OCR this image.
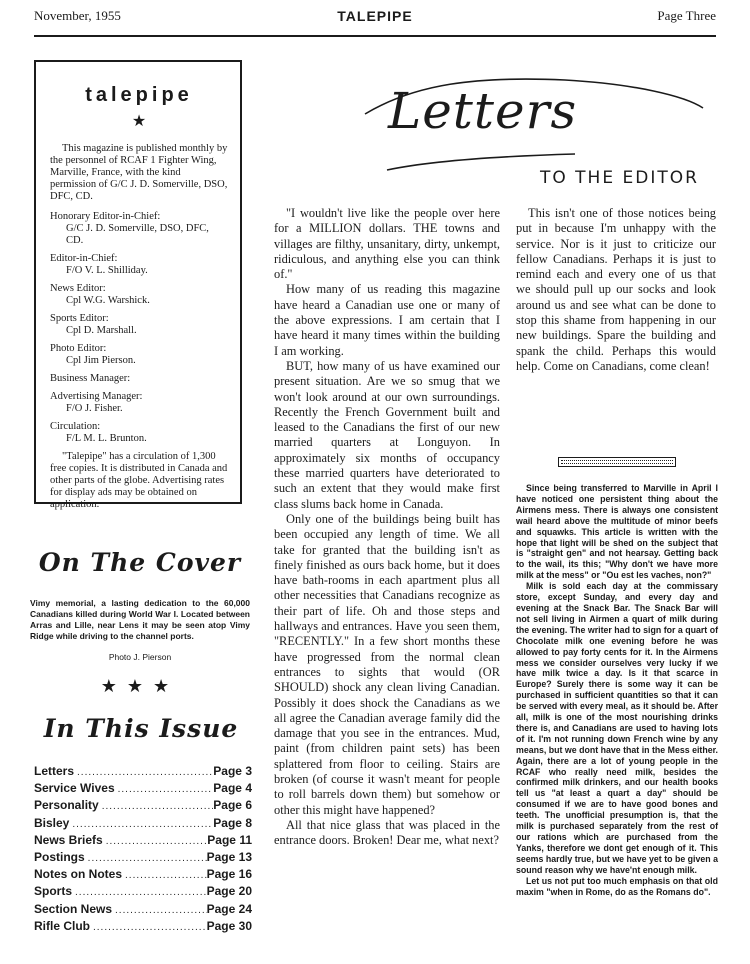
November, 1955	TALEPIPE	Page Three
talepipe
★

This magazine is published monthly by the personnel of RCAF 1 Fighter Wing, Marville, France, with the kind permission of G/C J. D. Somerville, DSO, DFC, CD.

Honorary Editor-in-Chief:
G/C J. D. Somerville, DSO, DFC, CD.

Editor-in-Chief:
F/O V. L. Shilliday.

News Editor:
Cpl W.G. Warshick.

Sports Editor:
Cpl D. Marshall.

Photo Editor:
Cpl Jim Pierson.

Business Manager:

Advertising Manager:
F/O J. Fisher.

Circulation:
F/L M. L. Brunton.

"Talepipe" has a circulation of 1,300 free copies. It is distributed in Canada and other parts of the globe. Advertising rates for display ads may be obtained on application.

On The Cover
Vimy memorial, a lasting dedication to the 60,000 Canadians killed during World War I. Located between Arras and Lille, near Lens it may be seen atop Vimy Ridge while driving to the channel ports.
Photo J. Pierson
★★★
In This Issue
Letters .....	Page 3
Service Wives .....	Page 4
Personality .....	Page 6
Bisley .....	Page 8
News Briefs .....	Page 11
Postings .....	Page 13
Notes on Notes .....	Page 16
Sports .....	Page 20
Section News .....	Page 24
Rifle Club .....	Page 30
Letters
TO THE EDITOR

"I wouldn't live like the people over here for a MILLION dollars. THE towns and villages are filthy, unsanitary, dirty, unkempt, ridiculous, and anything else you can think of."

How many of us reading this magazine have heard a Canadian use one or many of the above expressions. I am certain that I have heard it many times within the building I am working.

BUT, how many of us have examined our present situation. Are we so smug that we won't look around at our own surroundings. Recently the French Government built and leased to the Canadians the first of our new married quarters at Longuyon. In approximately six months of occupancy these married quarters have deteriorated to such an extent that they would make first class slums back home in Canada.

Only one of the buildings being built has been occupied any length of time. We all take for granted that the building isn't as finely finished as ours back home, but it does have bath-rooms in each apartment plus all other necessities that Canadians recognize as their part of life. Oh and those steps and hallways and entrances. Have you seen them, "RECENTLY." In a few short months these have progressed from the normal clean entrances to sights that would (OR SHOULD) shock any clean living Canadian. Possibly it does shock the Canadians as we all agree the Canadian average family did the damage that you see in the entrances. Mud, paint (from children paint sets) has been splattered from floor to ceiling. Stairs are broken (of course it wasn't meant for people to roll barrels down them) but somehow or other this might have happened?

All that nice glass that was placed in the entrance doors. Broken! Dear me, what next?

This isn't one of those notices being put in because I'm unhappy with the service. Nor is it just to criticize our fellow Canadians. Perhaps it is just to remind each and every one of us that we should pull up our socks and look around us and see what can be done to stop this shame from happening in our new buildings. Spare the building and spank the child. Perhaps this would help. Come on Canadians, come clean!

Since being transferred to Marville in April I have noticed one persistent thing about the Airmens mess. There is always one consistent wail heard above the multitude of minor beefs and squawks. This article is written with the hope that light will be shed on the subject that is "straight gen" and not hearsay. Getting back to the wail, its this; "Why don't we have more milk at the mess" or "Ou est les vaches, non?"

Milk is sold each day at the commissary store, except Sunday, and every day and evening at the Snack Bar. The Snack Bar will not sell living in Airmen a quart of milk during the evening. The writer had to sign for a quart of Chocolate milk one evening before he was allowed to pay forty cents for it. In the Airmens mess we consider ourselves very lucky if we have milk twice a day. Is it that scarce in Europe? Surely there is some way it can be purchased in sufficient quantities so that it can be served with every meal, as it should be. After all, milk is one of the most nourishing drinks there is, and Canadians are used to having lots of it. I'm not running down French wine by any means, but we dont have that in the Mess either. Again, there are a lot of young people in the RCAF who really need milk, besides the confirmed milk drinkers, and our health books tell us "at least a quart a day" should be consumed if we are to have good bones and teeth. The unofficial presumption is, that the milk is purchased separately from the rest of our rations which are purchased from the Yanks, therefore we dont get enough of it. This seems hardly true, but we have yet to be given a sound reason why we have'nt enough milk.

Let us not put too much emphasis on that old maxim "when in Rome, do as the Romans do".
